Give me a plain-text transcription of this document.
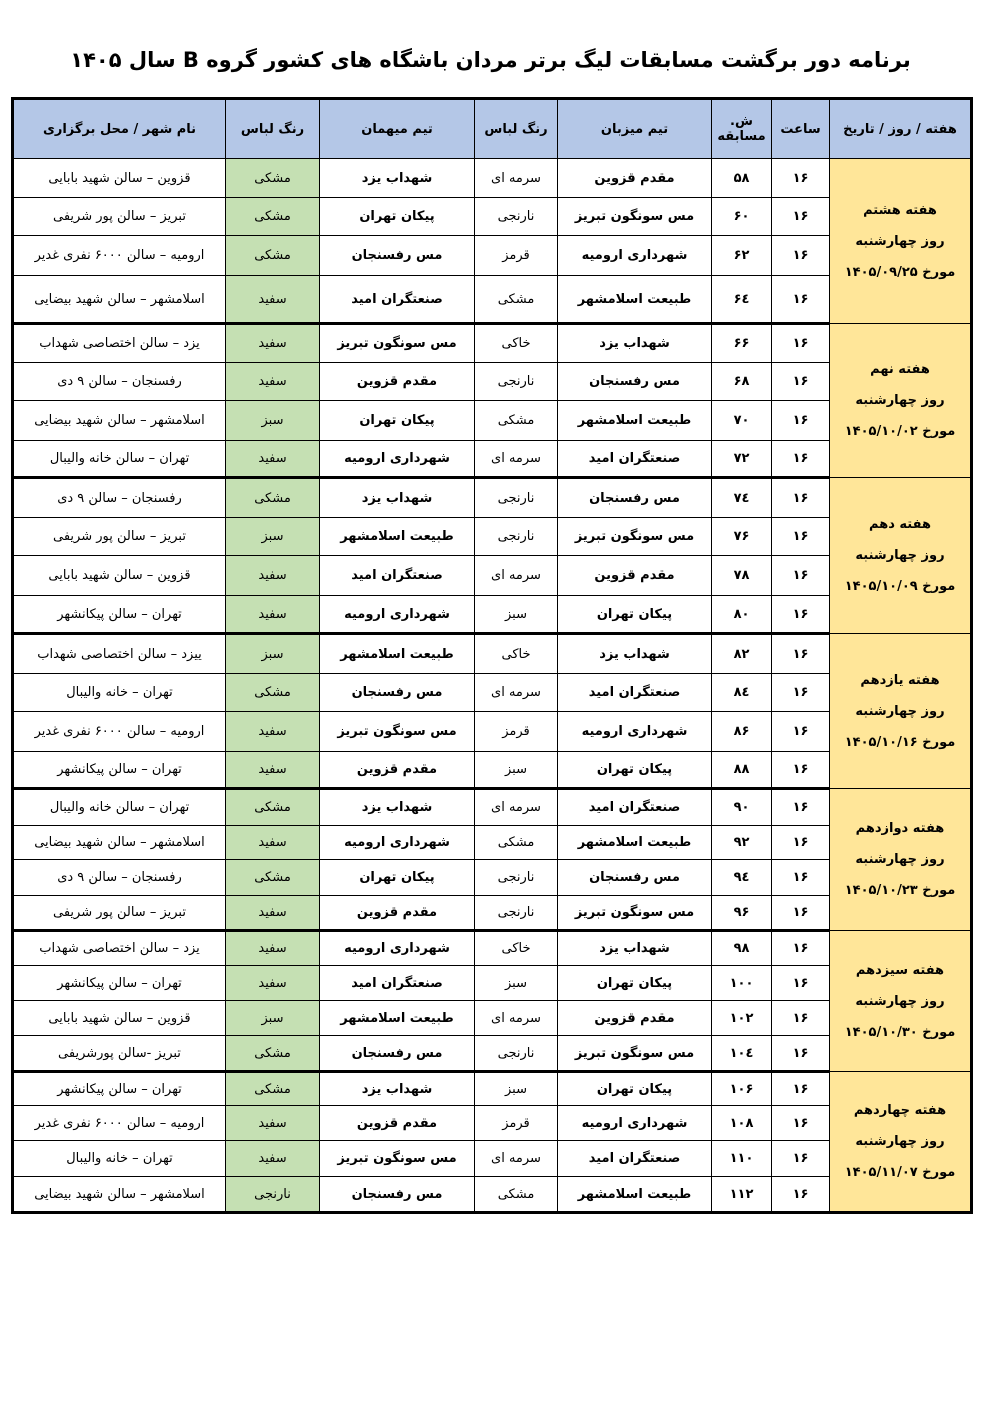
برنامه دور برگشت مسابقات لیگ برتر مردان باشگاه های کشور گروه B سال ۱۴۰۵
هفته / روز / تاریخ	ساعت	ش. مسابقه	تیم میزبان	رنگ لباس	تیم میهمان	رنگ لباس	نام شهر / محل برگزاری

هفته هشتم
روز چهارشنبه
مورخ ۱۴۰۵/۰۹/۲۵	۱۶	۵۸	مقدم قزوین	سرمه ای	شهداب یزد	مشکی	قزوین – سالن شهید بابایی
	۱۶	۶۰	مس سونگون تبریز	نارنجی	پیکان تهران	مشکی	تبریز – سالن پور شریفی
	۱۶	۶۲	شهرداری ارومیه	قرمز	مس رفسنجان	مشکی	ارومیه – سالن ۶۰۰۰ نفری غدیر
	۱۶	۶٤	طبیعت اسلامشهر	مشکی	صنعتگران امید	سفید	اسلامشهر – سالن شهید بیضایی

هفته نهم
روز چهارشنبه
مورخ ۱۴۰۵/۱۰/۰۲	۱۶	۶۶	شهداب یزد	خاکی	مس سونگون تبریز	سفید	یزد – سالن اختصاصی شهداب
	۱۶	۶۸	مس رفسنجان	نارنجی	مقدم قزوین	سفید	رفسنجان – سالن ۹ دی
	۱۶	۷۰	طبیعت اسلامشهر	مشکی	پیکان تهران	سبز	اسلامشهر – سالن شهید بیضایی
	۱۶	۷۲	صنعتگران امید	سرمه ای	شهرداری ارومیه	سفید	تهران – سالن خانه والیبال

هفته دهم
روز چهارشنبه
مورخ ۱۴۰۵/۱۰/۰۹	۱۶	۷٤	مس رفسنجان	نارنجی	شهداب یزد	مشکی	رفسنجان – سالن ۹ دی
	۱۶	۷۶	مس سونگون تبریز	نارنجی	طبیعت اسلامشهر	سبز	تبریز – سالن پور شریفی
	۱۶	۷۸	مقدم قزوین	سرمه ای	صنعتگران امید	سفید	قزوین – سالن شهید بابایی
	۱۶	۸۰	پیکان تهران	سبز	شهرداری ارومیه	سفید	تهران – سالن پیکانشهر

هفته یازدهم
روز چهارشنبه
مورخ ۱۴۰۵/۱۰/۱۶	۱۶	۸۲	شهداب یزد	خاکی	طبیعت اسلامشهر	سبز	ییزد – سالن اختصاصی شهداب
	۱۶	۸٤	صنعتگران امید	سرمه ای	مس رفسنجان	مشکی	تهران – خانه والیبال
	۱۶	۸۶	شهرداری ارومیه	قرمز	مس سونگون تبریز	سفید	ارومیه – سالن ۶۰۰۰ نفری غدیر
	۱۶	۸۸	پیکان تهران	سبز	مقدم قزوین	سفید	تهران – سالن پیکانشهر

هفته دوازدهم
روز چهارشنبه
مورخ ۱۴۰۵/۱۰/۲۳	۱۶	۹۰	صنعتگران امید	سرمه ای	شهداب یزد	مشکی	تهران – سالن خانه والیبال
	۱۶	۹۲	طبیعت اسلامشهر	مشکی	شهرداری ارومیه	سفید	اسلامشهر – سالن شهید بیضایی
	۱۶	۹٤	مس رفسنجان	نارنجی	پیکان تهران	مشکی	رفسنجان – سالن ۹ دی
	۱۶	۹۶	مس سونگون تبریز	نارنجی	مقدم قزوین	سفید	تبریز – سالن پور شریفی

هفته سیزدهم
روز چهارشنبه
مورخ ۱۴۰۵/۱۰/۳۰	۱۶	۹۸	شهداب یزد	خاکی	شهرداری ارومیه	سفید	یزد – سالن اختصاصی شهداب
	۱۶	۱۰۰	پیکان تهران	سبز	صنعتگران امید	سفید	تهران – سالن پیکانشهر
	۱۶	۱۰۲	مقدم قزوین	سرمه ای	طبیعت اسلامشهر	سبز	قزوین – سالن شهید بابایی
	۱۶	۱۰٤	مس سونگون تبریز	نارنجی	مس رفسنجان	مشکی	تبریز -سالن پورشریفی

هفته چهاردهم
روز چهارشنبه
مورخ ۱۴۰۵/۱۱/۰۷	۱۶	۱۰۶	پیکان تهران	سبز	شهداب یزد	مشکی	تهران – سالن پیکانشهر
	۱۶	۱۰۸	شهرداری ارومیه	قرمز	مقدم قزوین	سفید	ارومیه – سالن ۶۰۰۰ نفری غدیر
	۱۶	۱۱۰	صنعتگران امید	سرمه ای	مس سونگون تبریز	سفید	تهران – خانه والیبال
	۱۶	۱۱۲	طبیعت اسلامشهر	مشکی	مس رفسنجان	نارنجی	اسلامشهر – سالن شهید بیضایی
